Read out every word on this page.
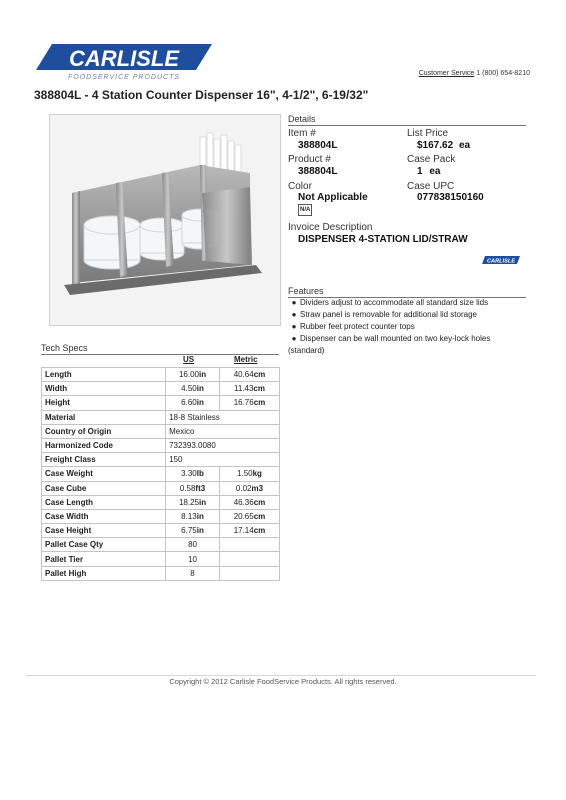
CARLISLE
FOODSERVICE PRODUCTS
Customer Service 1 (800) 654-8210
388804L - 4 Station Counter Dispenser 16", 4-1/2", 6-19/32"
Details
Item #
388804L
List Price
$167.62 ea
Product #
388804L
Case Pack
1 ea
Color
Not Applicable
N/A
Case UPC
077838150160
Invoice Description
DISPENSER 4-STATION LID/STRAW
CARLISLE
Features
● Dividers adjust to accommodate all standard size lids
● Straw panel is removable for additional lid storage
● Rubber feet protect counter tops
● Dispenser can be wall mounted on two key-lock holes (standard)
Tech Specs
US	Metric
Length	16.00in	40.64cm
Width	4.50in	11.43cm
Height	6.60in	16.76cm
Material	18-8 Stainless	
Country of Origin	Mexico	
Harmonized Code	732393.0080	
Freight Class	150	
Case Weight	3.30lb	1.50kg
Case Cube	0.58ft3	0.02m3
Case Length	18.25in	46.36cm
Case Width	8.13in	20.65cm
Case Height	6.75in	17.14cm
Pallet Case Qty	80	
Pallet Tier	10	
Pallet High	8	
Copyright © 2012 Carlisle FoodService Products. All rights reserved.
